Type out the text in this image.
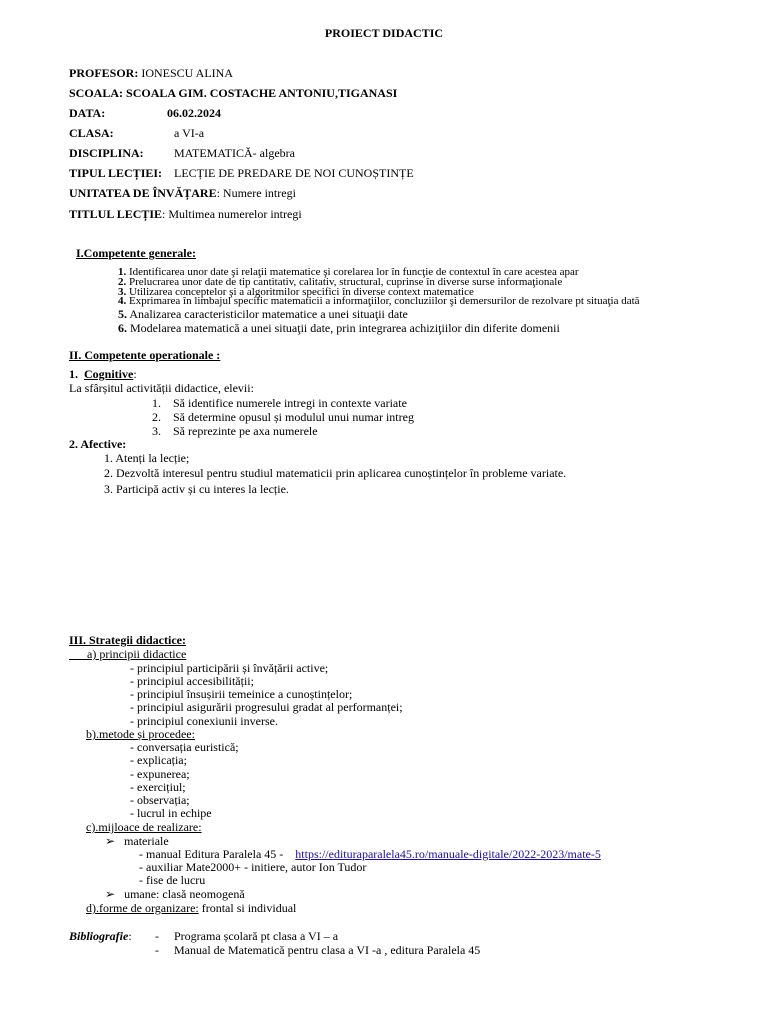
PROIECT DIDACTIC
PROFESOR: IONESCU ALINA
SCOALA: SCOALA GIM. COSTACHE ANTONIU,TIGANASI
DATA:	06.02.2024
CLASA:	a VI-a
DISCIPLINA:	MATEMATICĂ- algebra
TIPUL LECȚIEI: LECȚIE DE PREDARE DE NOI CUNOȘTINȚE
UNITATEA DE ÎNVĂȚARE: Numere intregi
TITLUL LECȚIE: Multimea numerelor intregi
I.Competente generale:
1. Identificarea unor date şi relaţii matematice şi corelarea lor în funcţie de contextul în care acestea apar
2. Prelucrarea unor date de tip cantitativ, calitativ, structural, cuprinse în diverse surse informaţionale
3. Utilizarea conceptelor şi a algoritmilor specifici în diverse context matematice
4. Exprimarea în limbajul specific matematicii a informaţiilor, concluziilor şi demersurilor de rezolvare pt situaţia dată
5. Analizarea caracteristicilor matematice a unei situaţii date
6. Modelarea matematică a unei situaţii date, prin integrarea achiziţiilor din diferite domenii
II. Competente operationale :
1. Cognitive:
La sfârșitul activității didactice, elevii:
1. Să identifice numerele intregi in contexte variate
2. Să determine opusul și modulul unui numar intreg
3. Să reprezinte pe axa numerele
2. Afective:
1. Atenți la lecție;
2. Dezvoltă interesul pentru studiul matematicii prin aplicarea cunoștințelor în probleme variate.
3. Participă activ și cu interes la lecție.
III. Strategii didactice:
a) principii didactice
- principiul participării și învățării active;
- principiul accesibilității;
- principiul însușirii temeinice a cunoștințelor;
- principiul asigurării progresului gradat al performanței;
- principiul conexiunii inverse.
b).metode și procedee:
- conversația euristică;
- explicația;
- expunerea;
- exercițiul;
- observația;
- lucrul in echipe
c).mijloace de realizare:
➢ materiale
- manual Editura Paralela 45 - https://edituraparalela45.ro/manuale-digitale/2022-2023/mate-5
- auxiliar Mate2000+ - initiere, autor Ion Tudor
- fise de lucru
➢ umane: clasă neomogenă
d).forme de organizare: frontal si individual
Bibliografie: - Programa școlară pt clasa a VI – a
- Manual de Matematică pentru clasa a VI -a , editura Paralela 45
